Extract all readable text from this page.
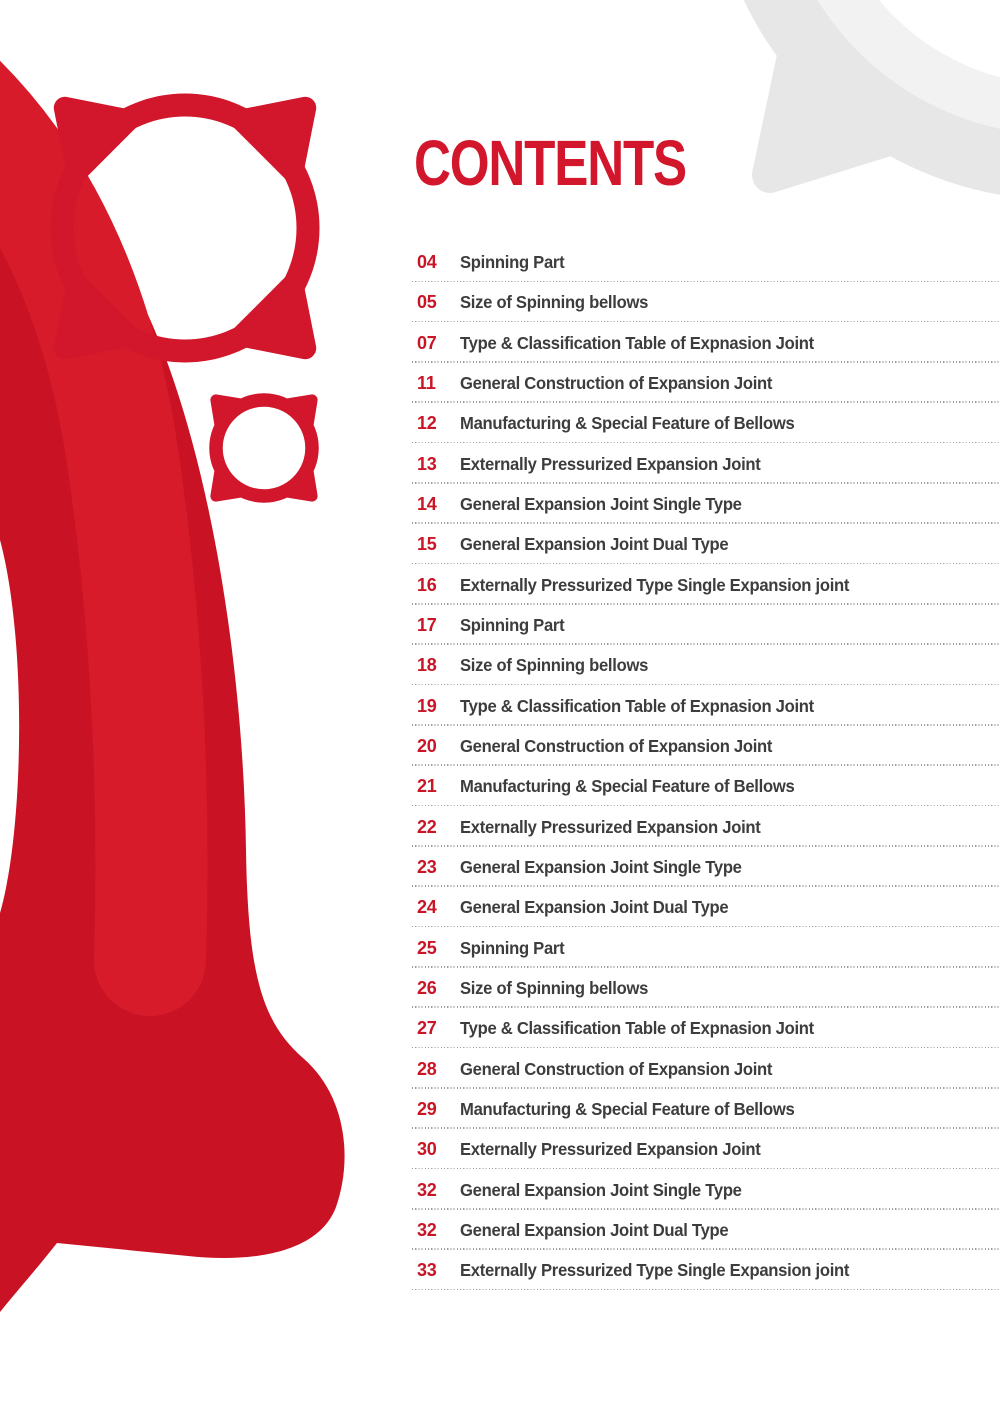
CONTENTS
04	Spinning Part
05	Size of Spinning bellows
07	Type & Classification Table of Expnasion Joint
11	General Construction of Expansion Joint
12	Manufacturing & Special Feature of Bellows
13	Externally Pressurized Expansion Joint
14	General Expansion Joint Single Type
15	General Expansion Joint Dual Type
16	Externally Pressurized Type Single Expansion joint
17	Spinning Part
18	Size of Spinning bellows
19	Type & Classification Table of Expnasion Joint
20	General Construction of Expansion Joint
21	Manufacturing & Special Feature of Bellows
22	Externally Pressurized Expansion Joint
23	General Expansion Joint Single Type
24	General Expansion Joint Dual Type
25	Spinning Part
26	Size of Spinning bellows
27	Type & Classification Table of Expnasion Joint
28	General Construction of Expansion Joint
29	Manufacturing & Special Feature of Bellows
30	Externally Pressurized Expansion Joint
32	General Expansion Joint Single Type
32	General Expansion Joint Dual Type
33	Externally Pressurized Type Single Expansion joint
